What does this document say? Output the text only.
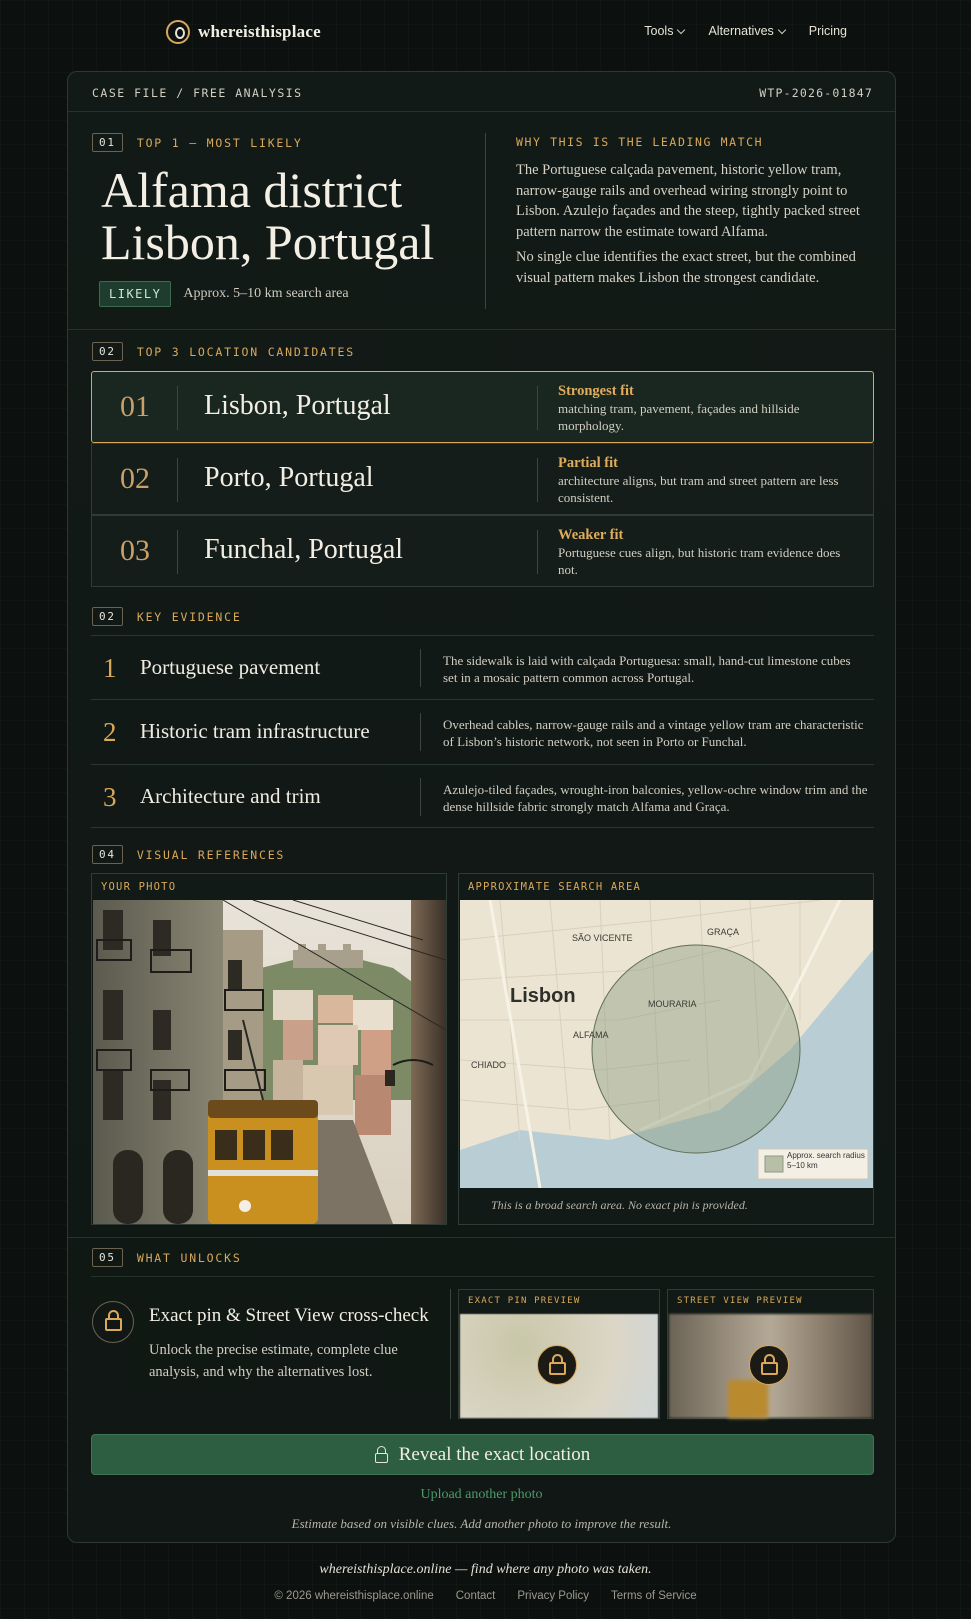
whereisthisplace	Tools	Alternatives	Pricing
CASE FILE / FREE ANALYSIS	WTP-2026-01847
01	TOP 1 – MOST LIKELY
Alfama district
Lisbon, Portugal
LIKELY	Approx. 5–10 km search area
WHY THIS IS THE LEADING MATCH

The Portuguese calçada pavement, historic yellow tram, narrow-gauge rails and overhead wiring strongly point to Lisbon. Azulejo façades and the steep, tightly packed street pattern narrow the estimate toward Alfama.

No single clue identifies the exact street, but the combined visual pattern makes Lisbon the strongest candidate.

02	TOP 3 LOCATION CANDIDATES
01 Lisbon, Portugal	Strongest fit
matching tram, pavement, façades and hillside morphology.
02 Porto, Portugal	Partial fit
architecture aligns, but tram and street pattern are less consistent.
03 Funchal, Portugal	Weaker fit
Portuguese cues align, but historic tram evidence does not.
02	KEY EVIDENCE
1 Portuguese pavement	The sidewalk is laid with calçada Portuguesa: small, hand-cut limestone cubes set in a mosaic pattern common across Portugal.
2 Historic tram infrastructure	Overhead cables, narrow-gauge rails and a vintage yellow tram are characteristic of Lisbon’s historic network, not seen in Porto or Funchal.
3 Architecture and trim	Azulejo-tiled façades, wrought-iron balconies, yellow-ochre window trim and the dense hillside fabric strongly match Alfama and Graça.
04	VISUAL REFERENCES
YOUR PHOTO	APPROXIMATE SEARCH AREA
SÃO VICENTE
GRAÇA
MOURARIA
ALFAMA
CHIADO
Lisbon
Approx. search radius 5–10 km
This is a broad search area. No exact pin is provided.
05	WHAT UNLOCKS
Exact pin & Street View cross-check
Unlock the precise estimate, complete clue analysis, and why the alternatives lost.
EXACT PIN PREVIEW	STREET VIEW PREVIEW
Reveal the exact location
Upload another photo
Estimate based on visible clues. Add another photo to improve the result.
whereisthisplace.online — find where any photo was taken.
© 2026 whereisthisplace.online Contact Privacy Policy Terms of Service
